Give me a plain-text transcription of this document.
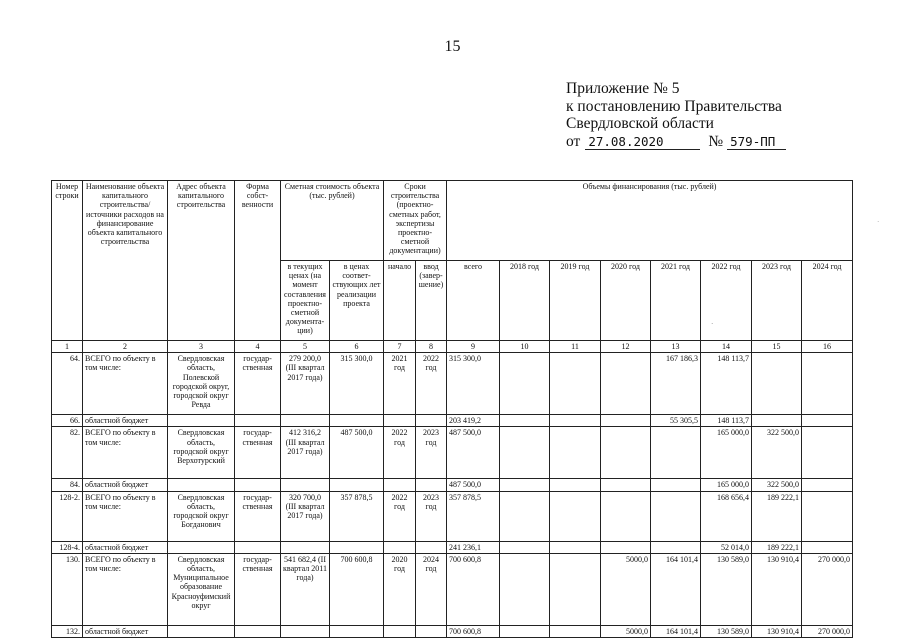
15
Приложение № 5
к постановлению Правительства
Свердловской области
от 27.08.2020	№ 579-ПП
Номер строки	Наименование объекта капитального строительства/ источники расходов на финансирование объекта капитального строительства	Адрес объекта капитального строительства	Форма собст-венности	Сметная стоимость объекта (тыс. рублей)		Сроки строительства (проектно-сметных работ, экспертизы проектно-сметной документации)		Объемы финансирования (тыс. рублей)							
				в текущих ценах (на момент составления проектно-сметной документа-ции)	в ценах соответ-ствующих лет реализации проекта	начало	ввод (завер-шение)	всего	2018 год	2019 год	2020 год	2021 год	2022 год	2023 год	2024 год
1	2	3	4	5	6	7	8	9	10	11	12	13	14	15	16
64.	ВСЕГО по объекту в том числе:	Свердловская область, Полевской городской округ, городской округ Ревда	государ-ственная	279 200,0 (III квартал 2017 года)	315 300,0	2021 год	2022 год	315 300,0				167 186,3	148 113,7		
66.	областной бюджет							203 419,2				55 305,5	148 113,7		
82.	ВСЕГО по объекту в том числе:	Свердловская область, городской округ Верхотурский	государ-ственная	412 316,2 (III квартал 2017 года)	487 500,0	2022 год	2023 год	487 500,0					165 000,0	322 500,0	
84.	областной бюджет							487 500,0					165 000,0	322 500,0	
128-2.	ВСЕГО по объекту в том числе:	Свердловская область, городской округ Богданович	государ-ственная	320 700,0 (III квартал 2017 года)	357 878,5	2022 год	2023 год	357 878,5					168 656,4	189 222,1	
128-4.	областной бюджет							241 236,1					52 014,0	189 222,1	
130.	ВСЕГО по объекту в том числе:	Свердловская область, Муниципальное образование Красноуфимский округ	государ-ственная	541 682,4 (II квартал 2011 года)	700 600,8	2020 год	2024 год	700 600,8			5000,0	164 101,4	130 589,0	130 910,4	270 000,0
132.	областной бюджет							700 600,8			5000,0	164 101,4	130 589,0	130 910,4	270 000,0
·
·
